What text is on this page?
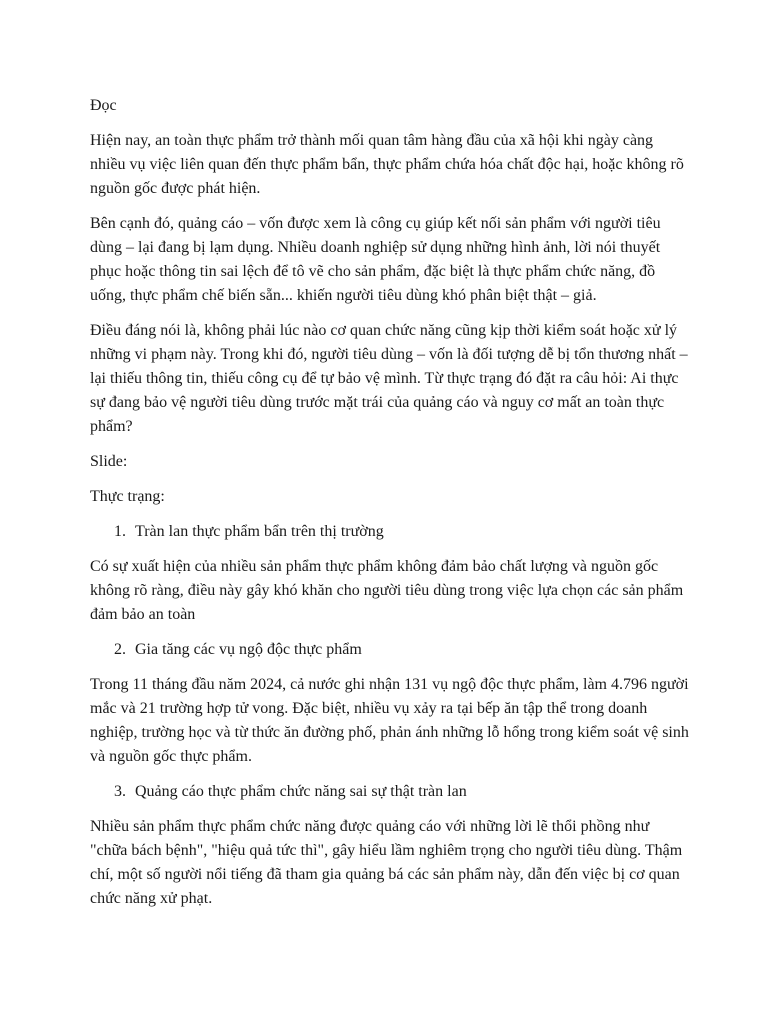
Đọc

Hiện nay, an toàn thực phẩm trở thành mối quan tâm hàng đầu của xã hội khi ngày càng nhiều vụ việc liên quan đến thực phẩm bẩn, thực phẩm chứa hóa chất độc hại, hoặc không rõ nguồn gốc được phát hiện.

Bên cạnh đó, quảng cáo – vốn được xem là công cụ giúp kết nối sản phẩm với người tiêu dùng – lại đang bị lạm dụng. Nhiều doanh nghiệp sử dụng những hình ảnh, lời nói thuyết phục hoặc thông tin sai lệch để tô vẽ cho sản phẩm, đặc biệt là thực phẩm chức năng, đồ uống, thực phẩm chế biến sẵn... khiến người tiêu dùng khó phân biệt thật – giả.

Điều đáng nói là, không phải lúc nào cơ quan chức năng cũng kịp thời kiểm soát hoặc xử lý những vi phạm này. Trong khi đó, người tiêu dùng – vốn là đối tượng dễ bị tổn thương nhất – lại thiếu thông tin, thiếu công cụ để tự bảo vệ mình. Từ thực trạng đó đặt ra câu hỏi: Ai thực sự đang bảo vệ người tiêu dùng trước mặt trái của quảng cáo và nguy cơ mất an toàn thực phẩm?

Slide:

Thực trạng:

1. Tràn lan thực phẩm bẩn trên thị trường

Có sự xuất hiện của nhiều sản phẩm thực phẩm không đảm bảo chất lượng và nguồn gốc không rõ ràng, điều này gây khó khăn cho người tiêu dùng trong việc lựa chọn các sản phẩm đảm bảo an toàn

2. Gia tăng các vụ ngộ độc thực phẩm

Trong 11 tháng đầu năm 2024, cả nước ghi nhận 131 vụ ngộ độc thực phẩm, làm 4.796 người mắc và 21 trường hợp tử vong. Đặc biệt, nhiều vụ xảy ra tại bếp ăn tập thể trong doanh nghiệp, trường học và từ thức ăn đường phố, phản ánh những lỗ hổng trong kiểm soát vệ sinh và nguồn gốc thực phẩm.

3. Quảng cáo thực phẩm chức năng sai sự thật tràn lan

Nhiều sản phẩm thực phẩm chức năng được quảng cáo với những lời lẽ thổi phồng như "chữa bách bệnh", "hiệu quả tức thì", gây hiểu lầm nghiêm trọng cho người tiêu dùng. Thậm chí, một số người nổi tiếng đã tham gia quảng bá các sản phẩm này, dẫn đến việc bị cơ quan chức năng xử phạt.
